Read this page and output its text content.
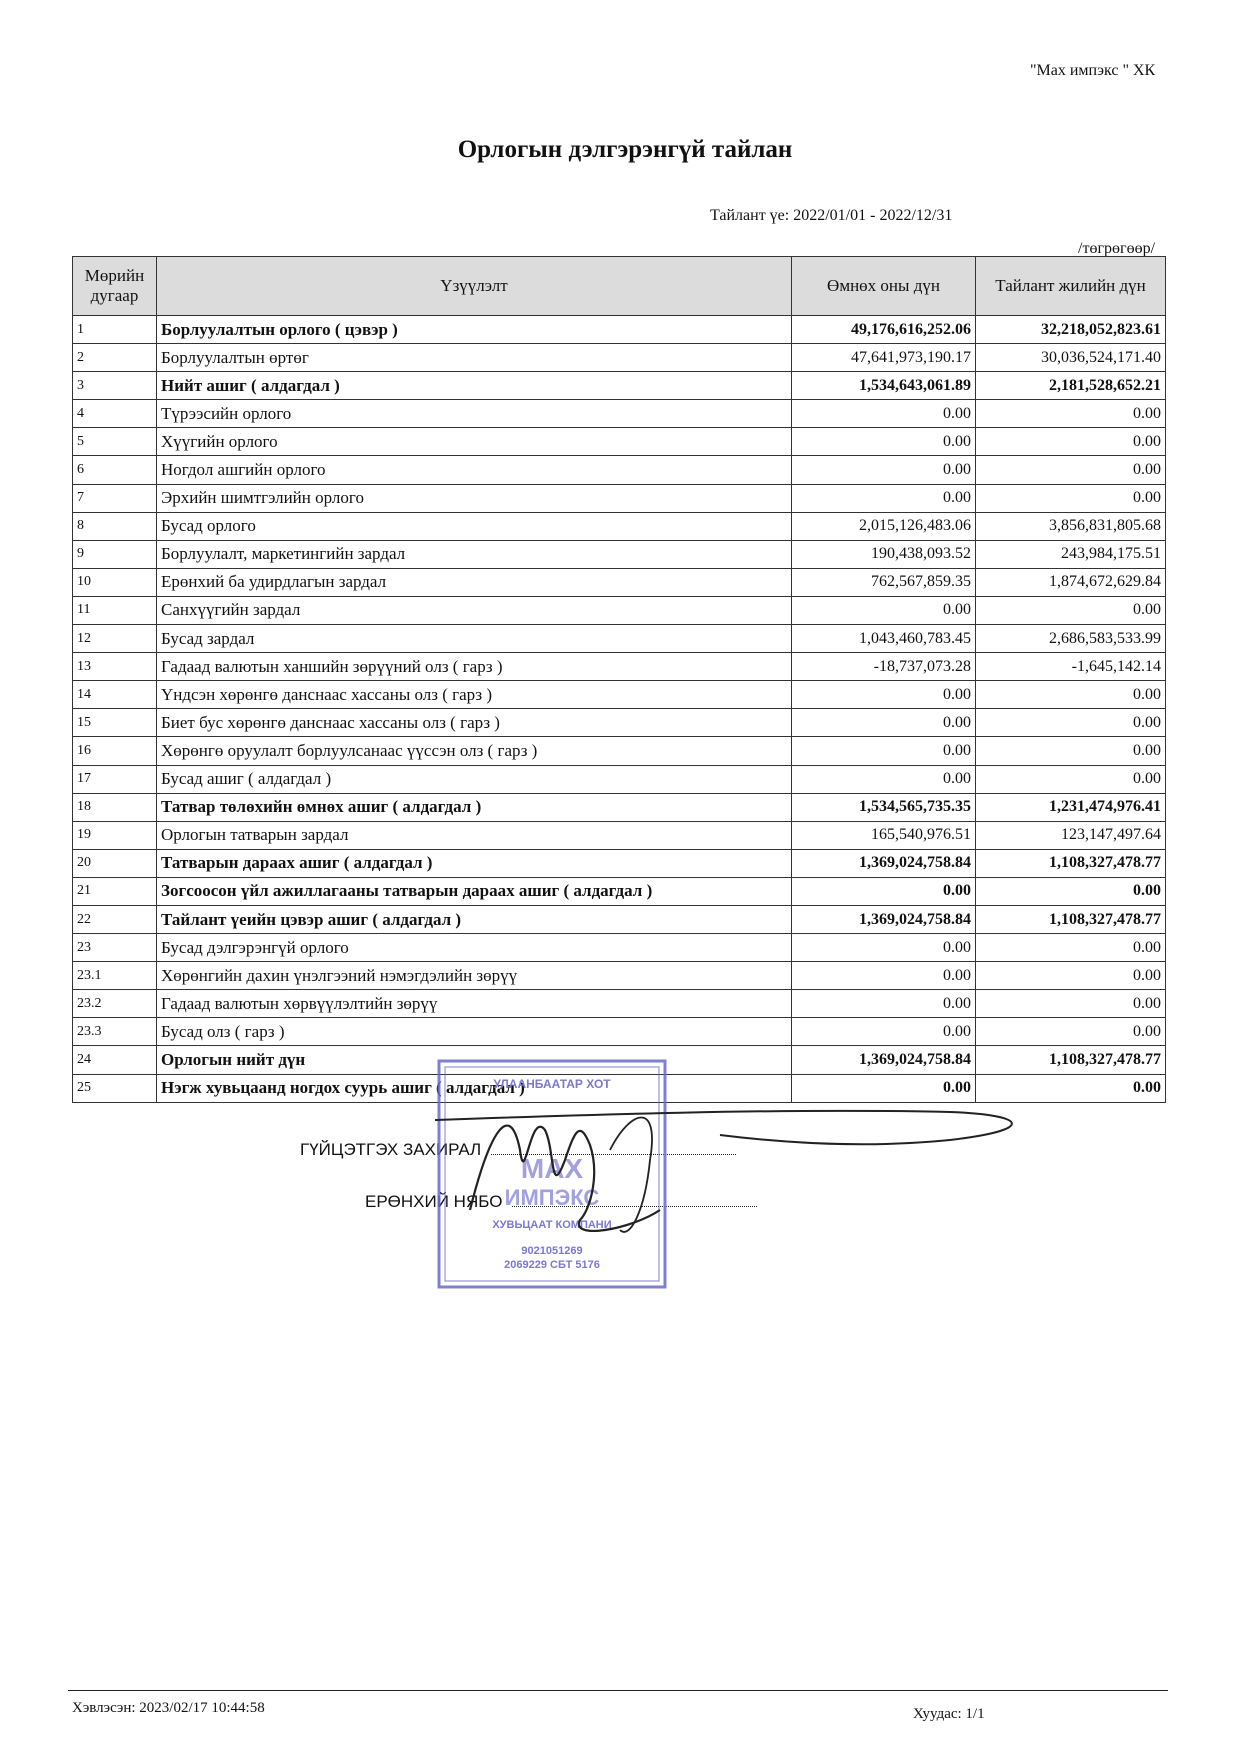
"Мах импэкс " ХК
Орлогын дэлгэрэнгүй тайлан
Тайлант үе: 2022/01/01 - 2022/12/31
/төгрөгөөр/
Мөрийн дугаар	Үзүүлэлт	Өмнөх оны дүн	Тайлант жилийн дүн
1	Борлуулалтын орлого ( цэвэр )	49,176,616,252.06	32,218,052,823.61
2	Борлуулалтын өртөг	47,641,973,190.17	30,036,524,171.40
3	Нийт ашиг ( алдагдал )	1,534,643,061.89	2,181,528,652.21
4	Түрээсийн орлого	0.00	0.00
5	Хүүгийн орлого	0.00	0.00
6	Ногдол ашгийн орлого	0.00	0.00
7	Эрхийн шимтгэлийн орлого	0.00	0.00
8	Бусад орлого	2,015,126,483.06	3,856,831,805.68
9	Борлуулалт, маркетингийн зардал	190,438,093.52	243,984,175.51
10	Ерөнхий ба удирдлагын зардал	762,567,859.35	1,874,672,629.84
11	Санхүүгийн зардал	0.00	0.00
12	Бусад зардал	1,043,460,783.45	2,686,583,533.99
13	Гадаад валютын ханшийн зөрүүний олз ( гарз )	-18,737,073.28	-1,645,142.14
14	Үндсэн хөрөнгө данснаас хассаны олз ( гарз )	0.00	0.00
15	Биет бус хөрөнгө данснаас хассаны олз ( гарз )	0.00	0.00
16	Хөрөнгө оруулалт борлуулсанаас үүссэн олз ( гарз )	0.00	0.00
17	Бусад ашиг ( алдагдал )	0.00	0.00
18	Татвар төлөхийн өмнөх ашиг ( алдагдал )	1,534,565,735.35	1,231,474,976.41
19	Орлогын татварын зардал	165,540,976.51	123,147,497.64
20	Татварын дараах ашиг ( алдагдал )	1,369,024,758.84	1,108,327,478.77
21	Зогсоосон үйл ажиллагааны татварын дараах ашиг ( алдагдал )	0.00	0.00
22	Тайлант үеийн цэвэр ашиг ( алдагдал )	1,369,024,758.84	1,108,327,478.77
23	Бусад дэлгэрэнгүй орлого	0.00	0.00
23.1	Хөрөнгийн дахин үнэлгээний нэмэгдэлийн зөрүү	0.00	0.00
23.2	Гадаад валютын хөрвүүлэлтийн зөрүү	0.00	0.00
23.3	Бусад олз ( гарз )	0.00	0.00
24	Орлогын нийт дүн	1,369,024,758.84	1,108,327,478.77
25	Нэгж хувьцаанд ногдох суурь ашиг ( алдагдал )	0.00	0.00
ГҮЙЦЭТГЭХ ЗАХИРАЛ
ЕРӨНХИЙ НЯБО
УЛААНБААТАР ХОТ
МАХ
ИМПЭКС
ХУВЬЦААТ КОМПАНИ
9021051269
2069229 СБТ 5176
Хэвлэсэн: 2023/02/17 10:44:58	Хуудас: 1/1
